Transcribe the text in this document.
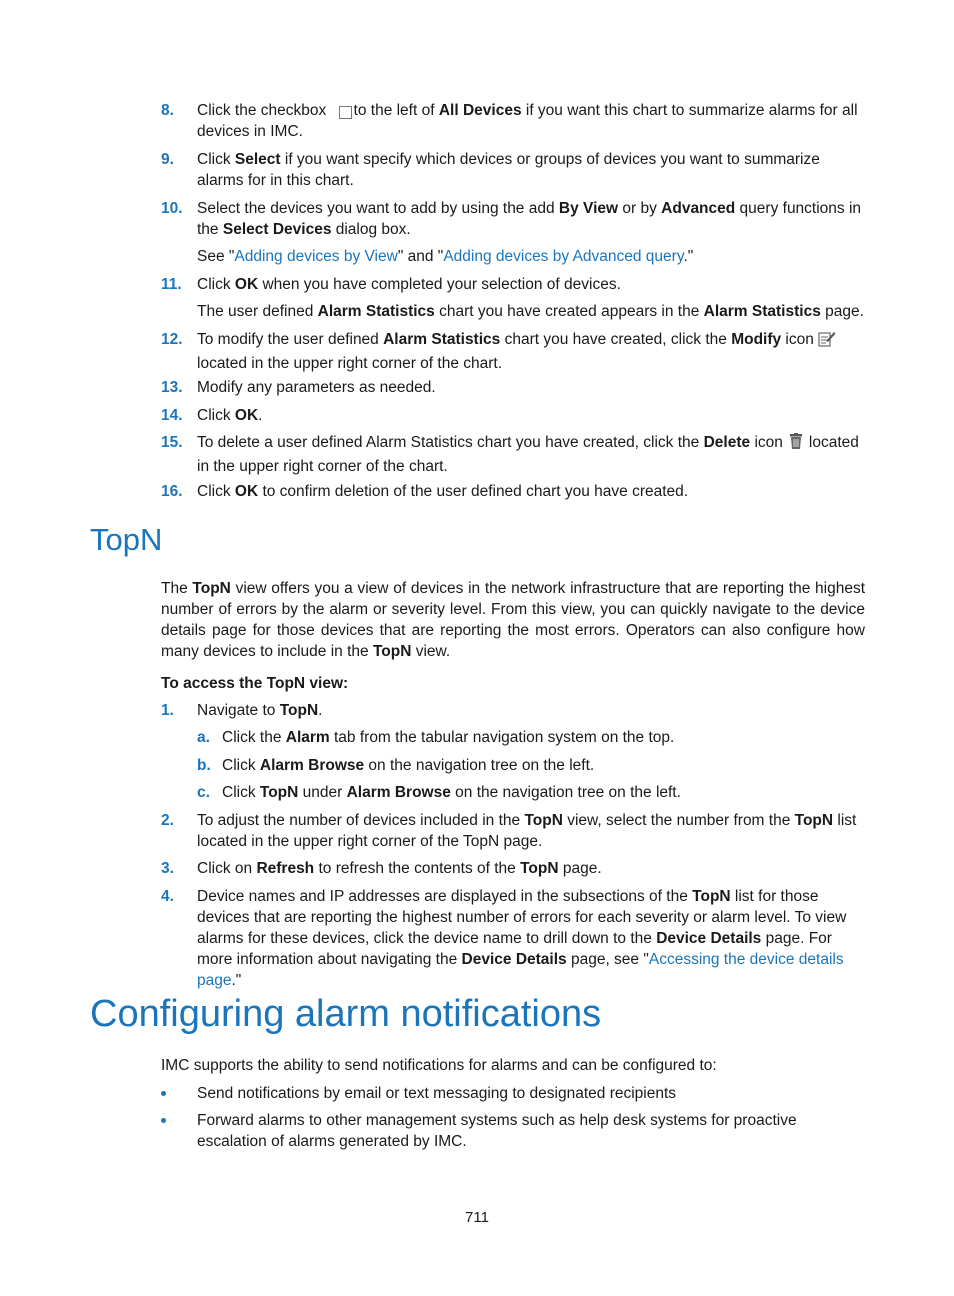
8. Click the checkbox to the left of All Devices if you want this chart to summarize alarms for all devices in IMC.
9. Click Select if you want specify which devices or groups of devices you want to summarize alarms for in this chart.
10. Select the devices you want to add by using the add By View or by Advanced query functions in the Select Devices dialog box.
See "Adding devices by View" and "Adding devices by Advanced query."
11. Click OK when you have completed your selection of devices.
The user defined Alarm Statistics chart you have created appears in the Alarm Statistics page.
12. To modify the user defined Alarm Statistics chart you have created, click the Modify icon
located in the upper right corner of the chart.
13. Modify any parameters as needed.
14. Click OK.
15. To delete a user defined Alarm Statistics chart you have created, click the Delete icon located in the upper right corner of the chart.
16. Click OK to confirm deletion of the user defined chart you have created.
TopN
The TopN view offers you a view of devices in the network infrastructure that are reporting the highest number of errors by the alarm or severity level. From this view, you can quickly navigate to the device details page for those devices that are reporting the most errors. Operators can also configure how many devices to include in the TopN view.
To access the TopN view:
1. Navigate to TopN.
a. Click the Alarm tab from the tabular navigation system on the top.
b. Click Alarm Browse on the navigation tree on the left.
c. Click TopN under Alarm Browse on the navigation tree on the left.
2. To adjust the number of devices included in the TopN view, select the number from the TopN list located in the upper right corner of the TopN page.
3. Click on Refresh to refresh the contents of the TopN page.
4. Device names and IP addresses are displayed in the subsections of the TopN list for those devices that are reporting the highest number of errors for each severity or alarm level. To view alarms for these devices, click the device name to drill down to the Device Details page. For more information about navigating the Device Details page, see "Accessing the device details page."
Configuring alarm notifications
IMC supports the ability to send notifications for alarms and can be configured to:
Send notifications by email or text messaging to designated recipients
Forward alarms to other management systems such as help desk systems for proactive escalation of alarms generated by IMC.
711
